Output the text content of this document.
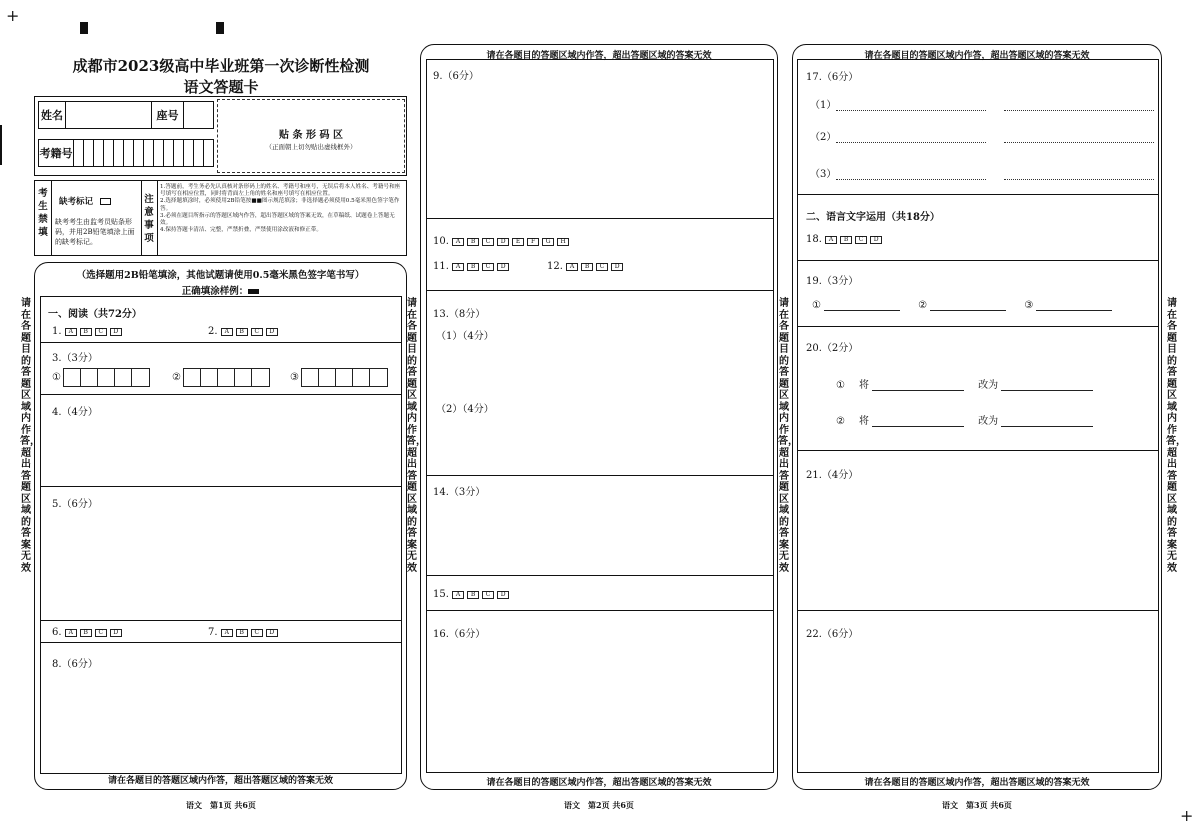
+
+
请在各题目的答题区域内作答，超出答题区域的答案无效
请在各题目的答题区域内作答，超出答题区域的答案无效
请在各题目的答题区域内作答，超出答题区域的答案无效
请在各题目的答题区域内作答，超出答题区域的答案无效
成都市2023级高中毕业班第一次诊断性检测
语文答题卡
姓名	座号
考籍号
贴 条 形 码 区
（正面朝上切勿贴出虚线框外）
考生禁填
缺考标记
缺考考生由监考员贴条形码，并用2B铅笔填涂上面的缺考标记。
注意事项
1.答题前，考生务必先认真核对条形码上的姓名、考籍号和座号，无误后将本人姓名、考籍号和座号填写在相应位置，同时将背面左上角的姓名和座号填写在相应位置。
2.选择题填涂时，必须使用2B铅笔按■■图示规范填涂；非选择题必须使用0.5毫米黑色签字笔作答。
3.必须在题目所指示的答题区域内作答，超出答题区域的答案无效，在草稿纸、试题卷上答题无效。
4.保持答题卡清洁、完整，严禁折叠，严禁使用涂改液和修正带。
（选择题用2B铅笔填涂，其他试题请使用0.5毫米黑色签字笔书写）
正确填涂样例：
请在各题目的答题区域内作答，超出答题区域的答案无效
一、阅读（共72分）
1. A B C D	2. A B C D
3.（3分）
①	②	③
4.（4分）
5.（6分）
6. A B C D	7. A B C D
8.（6分）
语文　第1页 共6页
请在各题目的答题区域内作答，超出答题区域的答案无效
请在各题目的答题区域内作答，超出答题区域的答案无效
9.（6分）
10. A B C D E F G H
11. A B C D	12. A B C D
13.（8分）
（1）（4分）
（2）（4分）
14.（3分）
15. A B C D
16.（6分）
语文　第2页 共6页
请在各题目的答题区域内作答，超出答题区域的答案无效
请在各题目的答题区域内作答，超出答题区域的答案无效
17.（6分）
（1）
（2）
（3）
二、语言文字运用（共18分）
18. A B C D
19.（3分）
①	②	③
20.（2分）
① 将	改为
② 将	改为
21.（4分）
22.（6分）
语文　第3页 共6页
